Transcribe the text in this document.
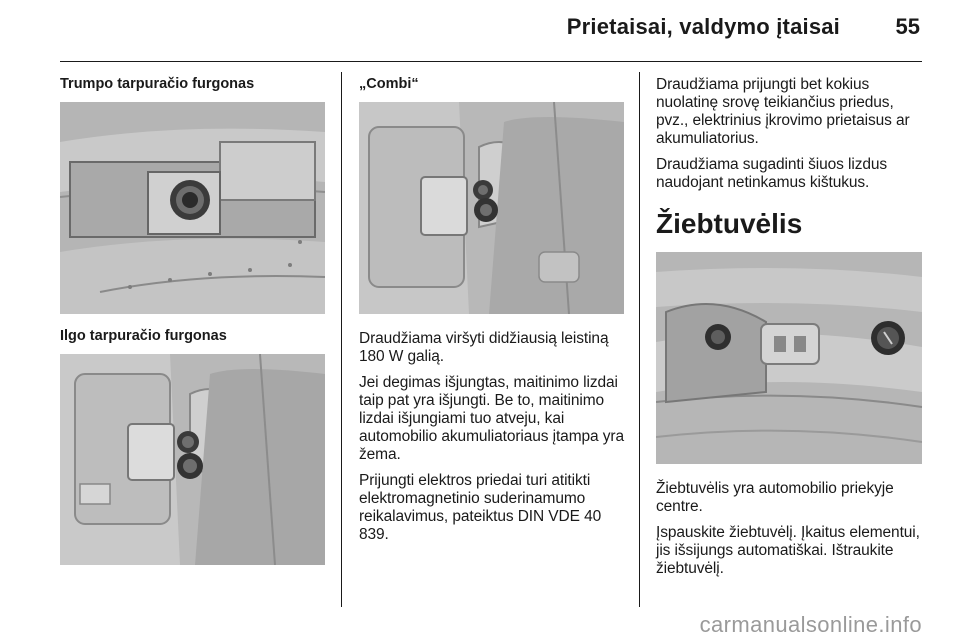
Prietaisai, valdymo įtaisai	55
Trumpo tarpuračio furgonas
Ilgo tarpuračio furgonas
„Combi“

Draudžiama viršyti didžiausią leistiną 180 W galią.

Jei degimas išjungtas, maitinimo lizdai taip pat yra išjungti. Be to, maitinimo lizdai išjungiami tuo atveju, kai automobilio akumuliatoriaus įtampa yra žema.

Prijungti elektros priedai turi atitikti elektromagnetinio suderinamumo reikalavimus, pateiktus DIN VDE 40 839.

Draudžiama prijungti bet kokius nuolatinę srovę teikiančius priedus, pvz., elektrinius įkrovimo prietaisus ar akumuliatorius.

Draudžiama sugadinti šiuos lizdus naudojant netinkamus kištukus.

Žiebtuvėlis

Žiebtuvėlis yra automobilio priekyje centre.

Įspauskite žiebtuvėlį. Įkaitus elementui, jis išsijungs automatiškai. Ištraukite žiebtuvėlį.

carmanualsonline.info
